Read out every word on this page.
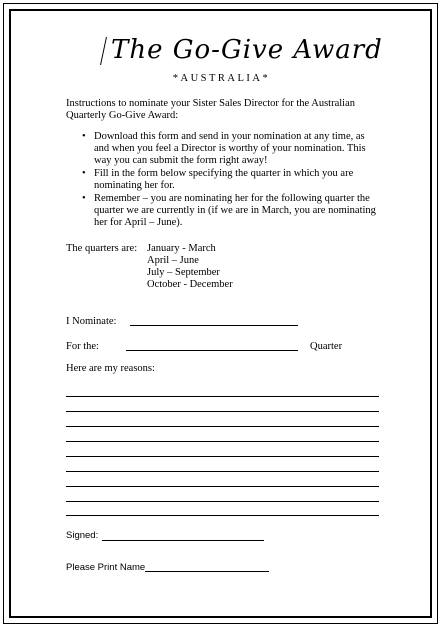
The Go-Give Award
*AUSTRALIA*
Instructions to nominate your Sister Sales Director for the Australian Quarterly Go-Give Award:
• Download this form and send in your nomination at any time, as and when you feel a Director is worthy of your nomination. This way you can submit the form right away!
• Fill in the form below specifying the quarter in which you are nominating her for.
• Remember – you are nominating her for the following quarter the quarter we are currently in (if we are in March, you are nominating her for April – June).
The quarters are: January - March
April – June
July – September
October - December
I Nominate:
For the:	Quarter
Here are my reasons:
Signed:
Please Print Name
